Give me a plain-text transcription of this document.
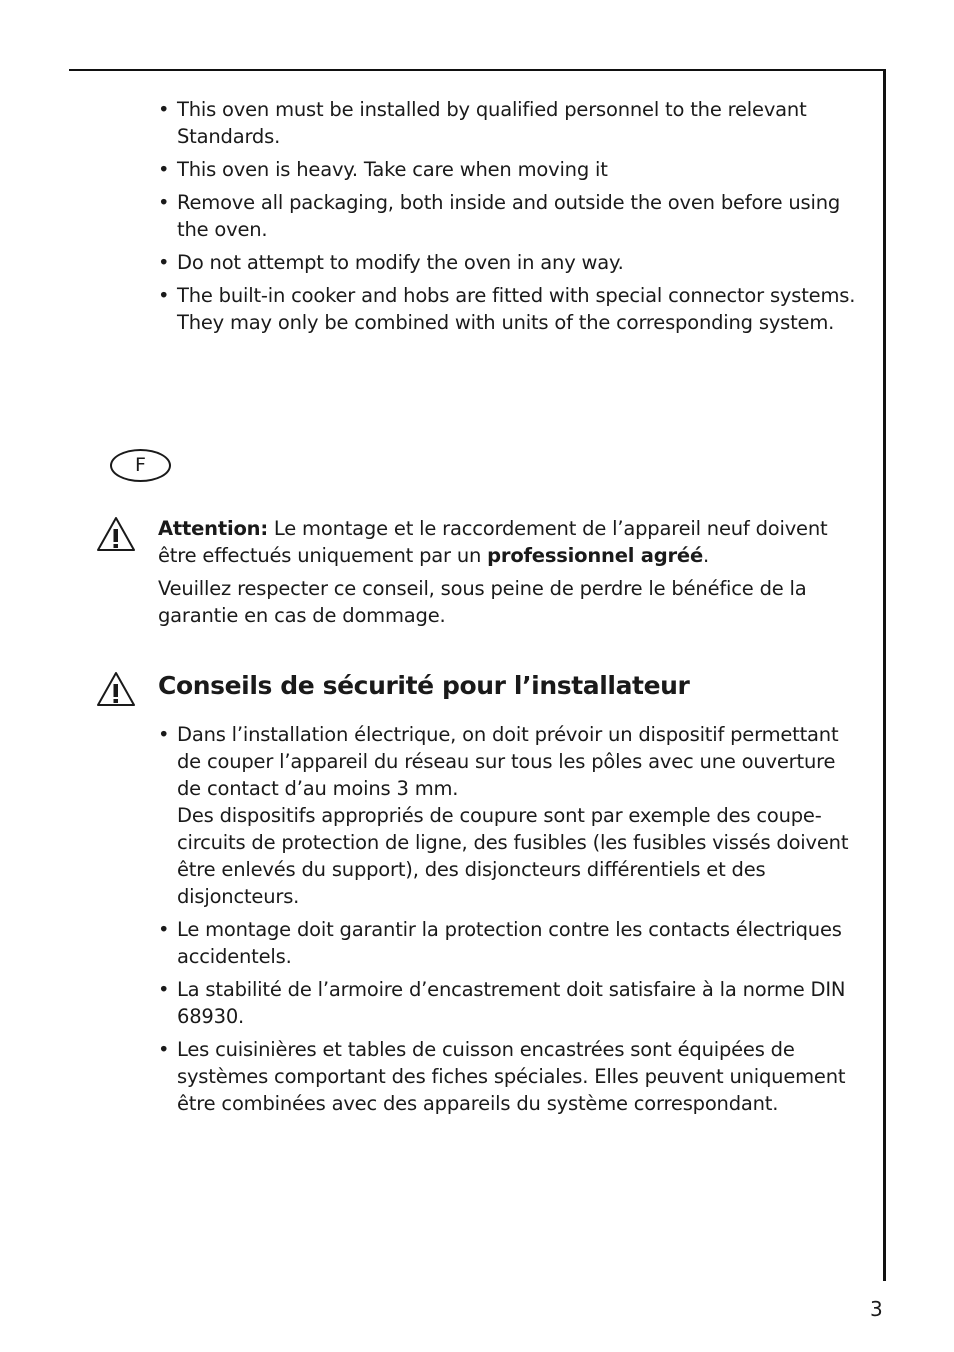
• This oven must be installed by qualified personnel to the relevant Standards.
• This oven is heavy. Take care when moving it
• Remove all packaging, both inside and outside the oven before using the oven.
• Do not attempt to modify the oven in any way.
• The built-in cooker and hobs are fitted with special connector systems. They may only be combined with units of the corresponding system.
F

Attention: Le montage et le raccordement de l’appareil neuf doivent être effectués uniquement par un professionnel agréé.

Veuillez respecter ce conseil, sous peine de perdre le bénéfice de la garantie en cas de dommage.

Conseils de sécurité pour l’installateur
• Dans l’installation électrique, on doit prévoir un dispositif permettant de couper l’appareil du réseau sur tous les pôles avec une ouverture de contact d’au moins 3 mm.
Des dispositifs appropriés de coupure sont par exemple des coupe-circuits de protection de ligne, des fusibles (les fusibles vissés doivent être enlevés du support), des disjoncteurs différentiels et des disjoncteurs.
• Le montage doit garantir la protection contre les contacts électriques accidentels.
• La stabilité de l’armoire d’encastrement doit satisfaire à la norme DIN 68930.
• Les cuisinières et tables de cuisson encastrées sont équipées de systèmes comportant des fiches spéciales. Elles peuvent uniquement être combinées avec des appareils du système correspondant.
3
